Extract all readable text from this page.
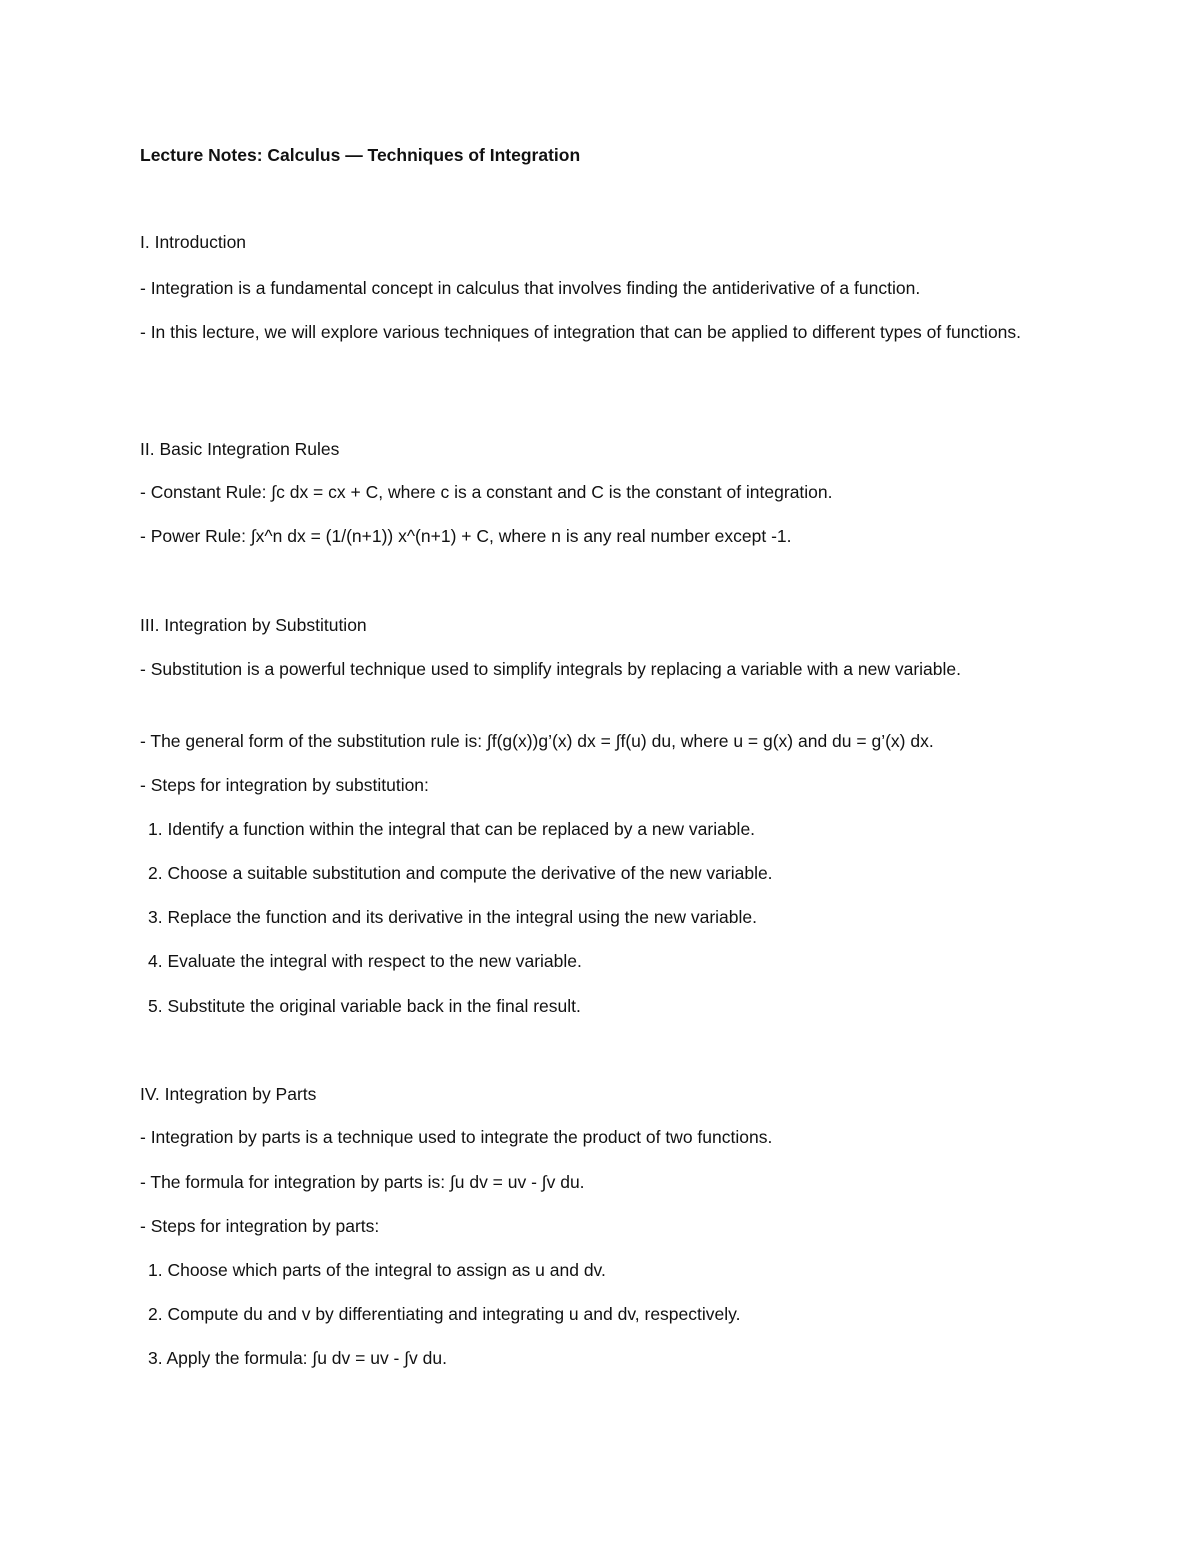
Lecture Notes: Calculus — Techniques of Integration
I. Introduction
- Integration is a fundamental concept in calculus that involves finding the antiderivative of a function.
- In this lecture, we will explore various techniques of integration that can be applied to different types of functions.
II. Basic Integration Rules
- Constant Rule: ∫c dx = cx + C, where c is a constant and C is the constant of integration.
- Power Rule: ∫x^n dx = (1/(n+1)) x^(n+1) + C, where n is any real number except -1.
III. Integration by Substitution
- Substitution is a powerful technique used to simplify integrals by replacing a variable with a new variable.
- The general form of the substitution rule is: ∫f(g(x))g’(x) dx = ∫f(u) du, where u = g(x) and du = g’(x) dx.
- Steps for integration by substitution:
1. Identify a function within the integral that can be replaced by a new variable.
2. Choose a suitable substitution and compute the derivative of the new variable.
3. Replace the function and its derivative in the integral using the new variable.
4. Evaluate the integral with respect to the new variable.
5. Substitute the original variable back in the final result.
IV. Integration by Parts
- Integration by parts is a technique used to integrate the product of two functions.
- The formula for integration by parts is: ∫u dv = uv - ∫v du.
- Steps for integration by parts:
1. Choose which parts of the integral to assign as u and dv.
2. Compute du and v by differentiating and integrating u and dv, respectively.
3. Apply the formula: ∫u dv = uv - ∫v du.
